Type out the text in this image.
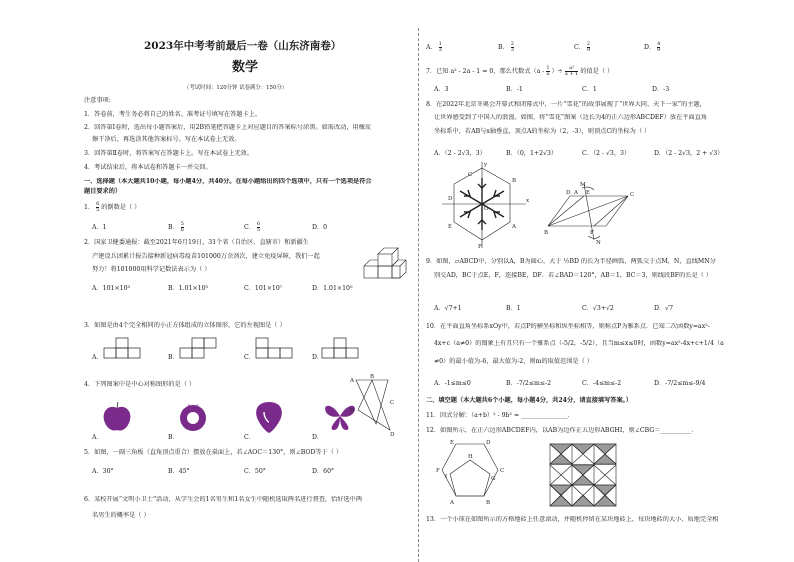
2023年中考考前最后一卷（山东济南卷）
数学
（考试时间：120分钟 试卷满分：150分）
注意事项:
1．答卷前，考生务必将自己的姓名、准考证号填写在答题卡上。
2．回答第Ⅰ卷时，选出每小题答案后，用2B铅笔把答题卡上对应题目的答案标号涂黑。如需改动，用橡皮
擦干净后，再选涂其他答案标号。写在本试卷上无效。
3．回答第Ⅱ卷时，将答案写在答题卡上。写在本试卷上无效。
4．考试结束后，将本试卷和答题卡一并交回。
一、选择题（本大题共10小题，每小题4分，共40分。在每小题给出的四个选项中，只有一个选项是符合
题目要求的）
1． $\frac{6}{5}$ 的倒数是（ ）
A．1	B． $\frac{5}{6}$	C． $\frac{6}{5}$	D．0
2．国家卫健委通报：截至2021年6月19日，31个省（自治区、直辖市）和新疆生
产建设兵团累计报告接种新冠病毒疫苗101000万余剂次，建立免疫屏障，我们一起
努力！将101000用科学记数法表示为（ ）
A．101×10³	B．1.01×10⁵	C．101×10⁷	D．1.01×10⁹
3．如图是由4个完全相同的小正方体组成的立体图形，它的左视图是（ ）
A．	B．	C．	D．
4．下列图案中是中心对称图形的是（ ）
A．	B．	C．	D．
A
B
C
D
O
5．如图，一副三角板（直角顶点重合）摆放在桌面上，若∠AOC＝130°，则∠BOD等于（ ）
A．30°	B．45°	C．50°	D．60°
6．某校开展“文明小卫士”活动，从学生会的1名男生和1名女生中随机选取两名进行督查，恰好选中两
名男生的概率是（ ）
A． $\frac{1}{3}$	B． $\frac{2}{3}$	C． $\frac{2}{9}$	D． $\frac{4}{9}$
7．已知 a² - 2a - 1 = 0，那么代数式（$a - \frac{1}{a}$ ）÷ $\frac{\text{a²}}{a + 1}$ 的值是（ ）
A．3	B．-1	C．1	D．-3
8．在2022年北京冬奥会开幕式和闭幕式中，一片“雪花”的故事展现了“世界大同、天下一家”的主题，
让世界感受到了中国人的浪漫。如图，将“雪花”图案（边长为4的正六边形ABCDEF）放在平面直角
坐标系中，若AB与x轴垂直，顶点A的坐标为（2，-3），则顶点C的坐标为（ ）
A．（2 - 2√3，3）	B．（0，1+2√3）	C．（2 - √3，3）	D．（2 - 2√3，2 + √3）
y
C
B
D
O
x
E	A
F
M
D	C
A
B
E
F
N
9．如图，▱ABCD中，分别以A，B为圆心，大于 ½BD 的长为半径画弧，两弧交于点M，N，直线MN分
别交AD，BC于点E，F，连接BE，DF．若∠BAD＝120°，AB＝1，BC＝3，则线段BF的长是（ ）
A．√7+1	B．1	C．√3+√2	D．√7
10．在平面直角坐标系xOy中，若点P的横坐标和纵坐标相等，则称点P为雅系点．已知二次函数y=ax²-
4x+c（a≠0）的图象上有且只有一个雅系点（-5/2，-5/2），且当m≤x≤0时，函数y=ax²-4x+c+1/4（a
≠0）的最小值为-6，最大值为-2，则m的取值范围是（ ）
A．-1≤m≤0	B．-7/2≤m≤-2	C．-4≤m≤-2	D．-7/2≤m≤-9/4
二、填空题（本大题共6个小题，每小题4分，共24分，请直接填写答案。）
11．因式分解：（a+b）² - 9b² = _______________．
12．如图所示，在正六边形ABCDEF内，以AB为边作正五边形ABGHI，则∠CBG＝__________．
E	D
F
I
H
C
G
A	B
13．一个小球在如图所示的方格地砖上任意滚动，并随机停留在某块地砖上，每块地砖的大小、质地完全相
